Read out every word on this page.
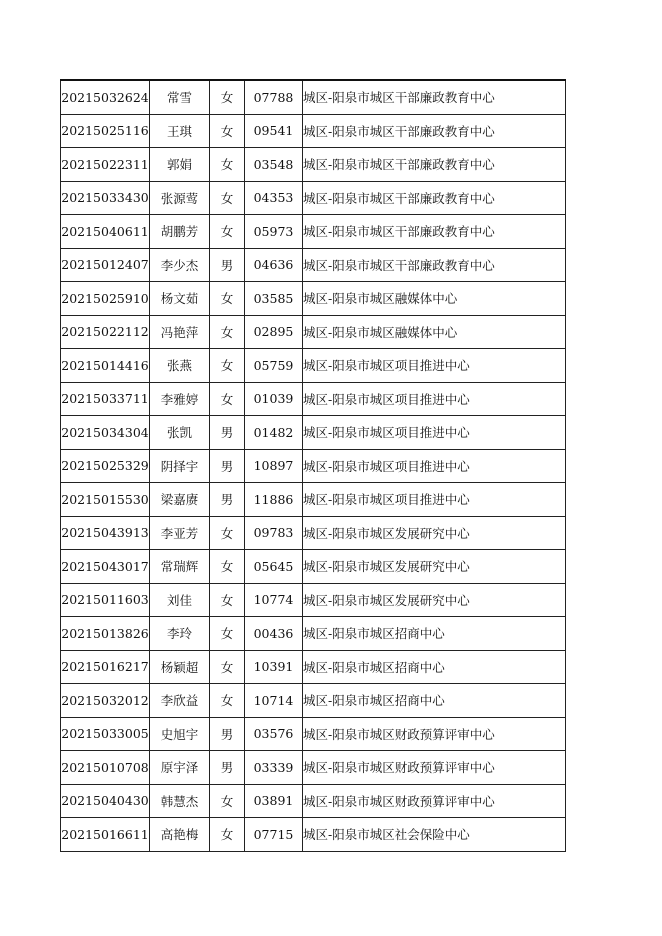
20215032624	常雪	女	07788	城区-阳泉市城区干部廉政教育中心
20215025116	王琪	女	09541	城区-阳泉市城区干部廉政教育中心
20215022311	郭娟	女	03548	城区-阳泉市城区干部廉政教育中心
20215033430	张源莺	女	04353	城区-阳泉市城区干部廉政教育中心
20215040611	胡鹏芳	女	05973	城区-阳泉市城区干部廉政教育中心
20215012407	李少杰	男	04636	城区-阳泉市城区干部廉政教育中心
20215025910	杨文茹	女	03585	城区-阳泉市城区融媒体中心
20215022112	冯艳萍	女	02895	城区-阳泉市城区融媒体中心
20215014416	张燕	女	05759	城区-阳泉市城区项目推进中心
20215033711	李雅婷	女	01039	城区-阳泉市城区项目推进中心
20215034304	张凯	男	01482	城区-阳泉市城区项目推进中心
20215025329	阴择宇	男	10897	城区-阳泉市城区项目推进中心
20215015530	梁嘉赓	男	11886	城区-阳泉市城区项目推进中心
20215043913	李亚芳	女	09783	城区-阳泉市城区发展研究中心
20215043017	常瑞辉	女	05645	城区-阳泉市城区发展研究中心
20215011603	刘佳	女	10774	城区-阳泉市城区发展研究中心
20215013826	李玲	女	00436	城区-阳泉市城区招商中心
20215016217	杨颖超	女	10391	城区-阳泉市城区招商中心
20215032012	李欣益	女	10714	城区-阳泉市城区招商中心
20215033005	史旭宇	男	03576	城区-阳泉市城区财政预算评审中心
20215010708	原宇泽	男	03339	城区-阳泉市城区财政预算评审中心
20215040430	韩慧杰	女	03891	城区-阳泉市城区财政预算评审中心
20215016611	高艳梅	女	07715	城区-阳泉市城区社会保险中心
